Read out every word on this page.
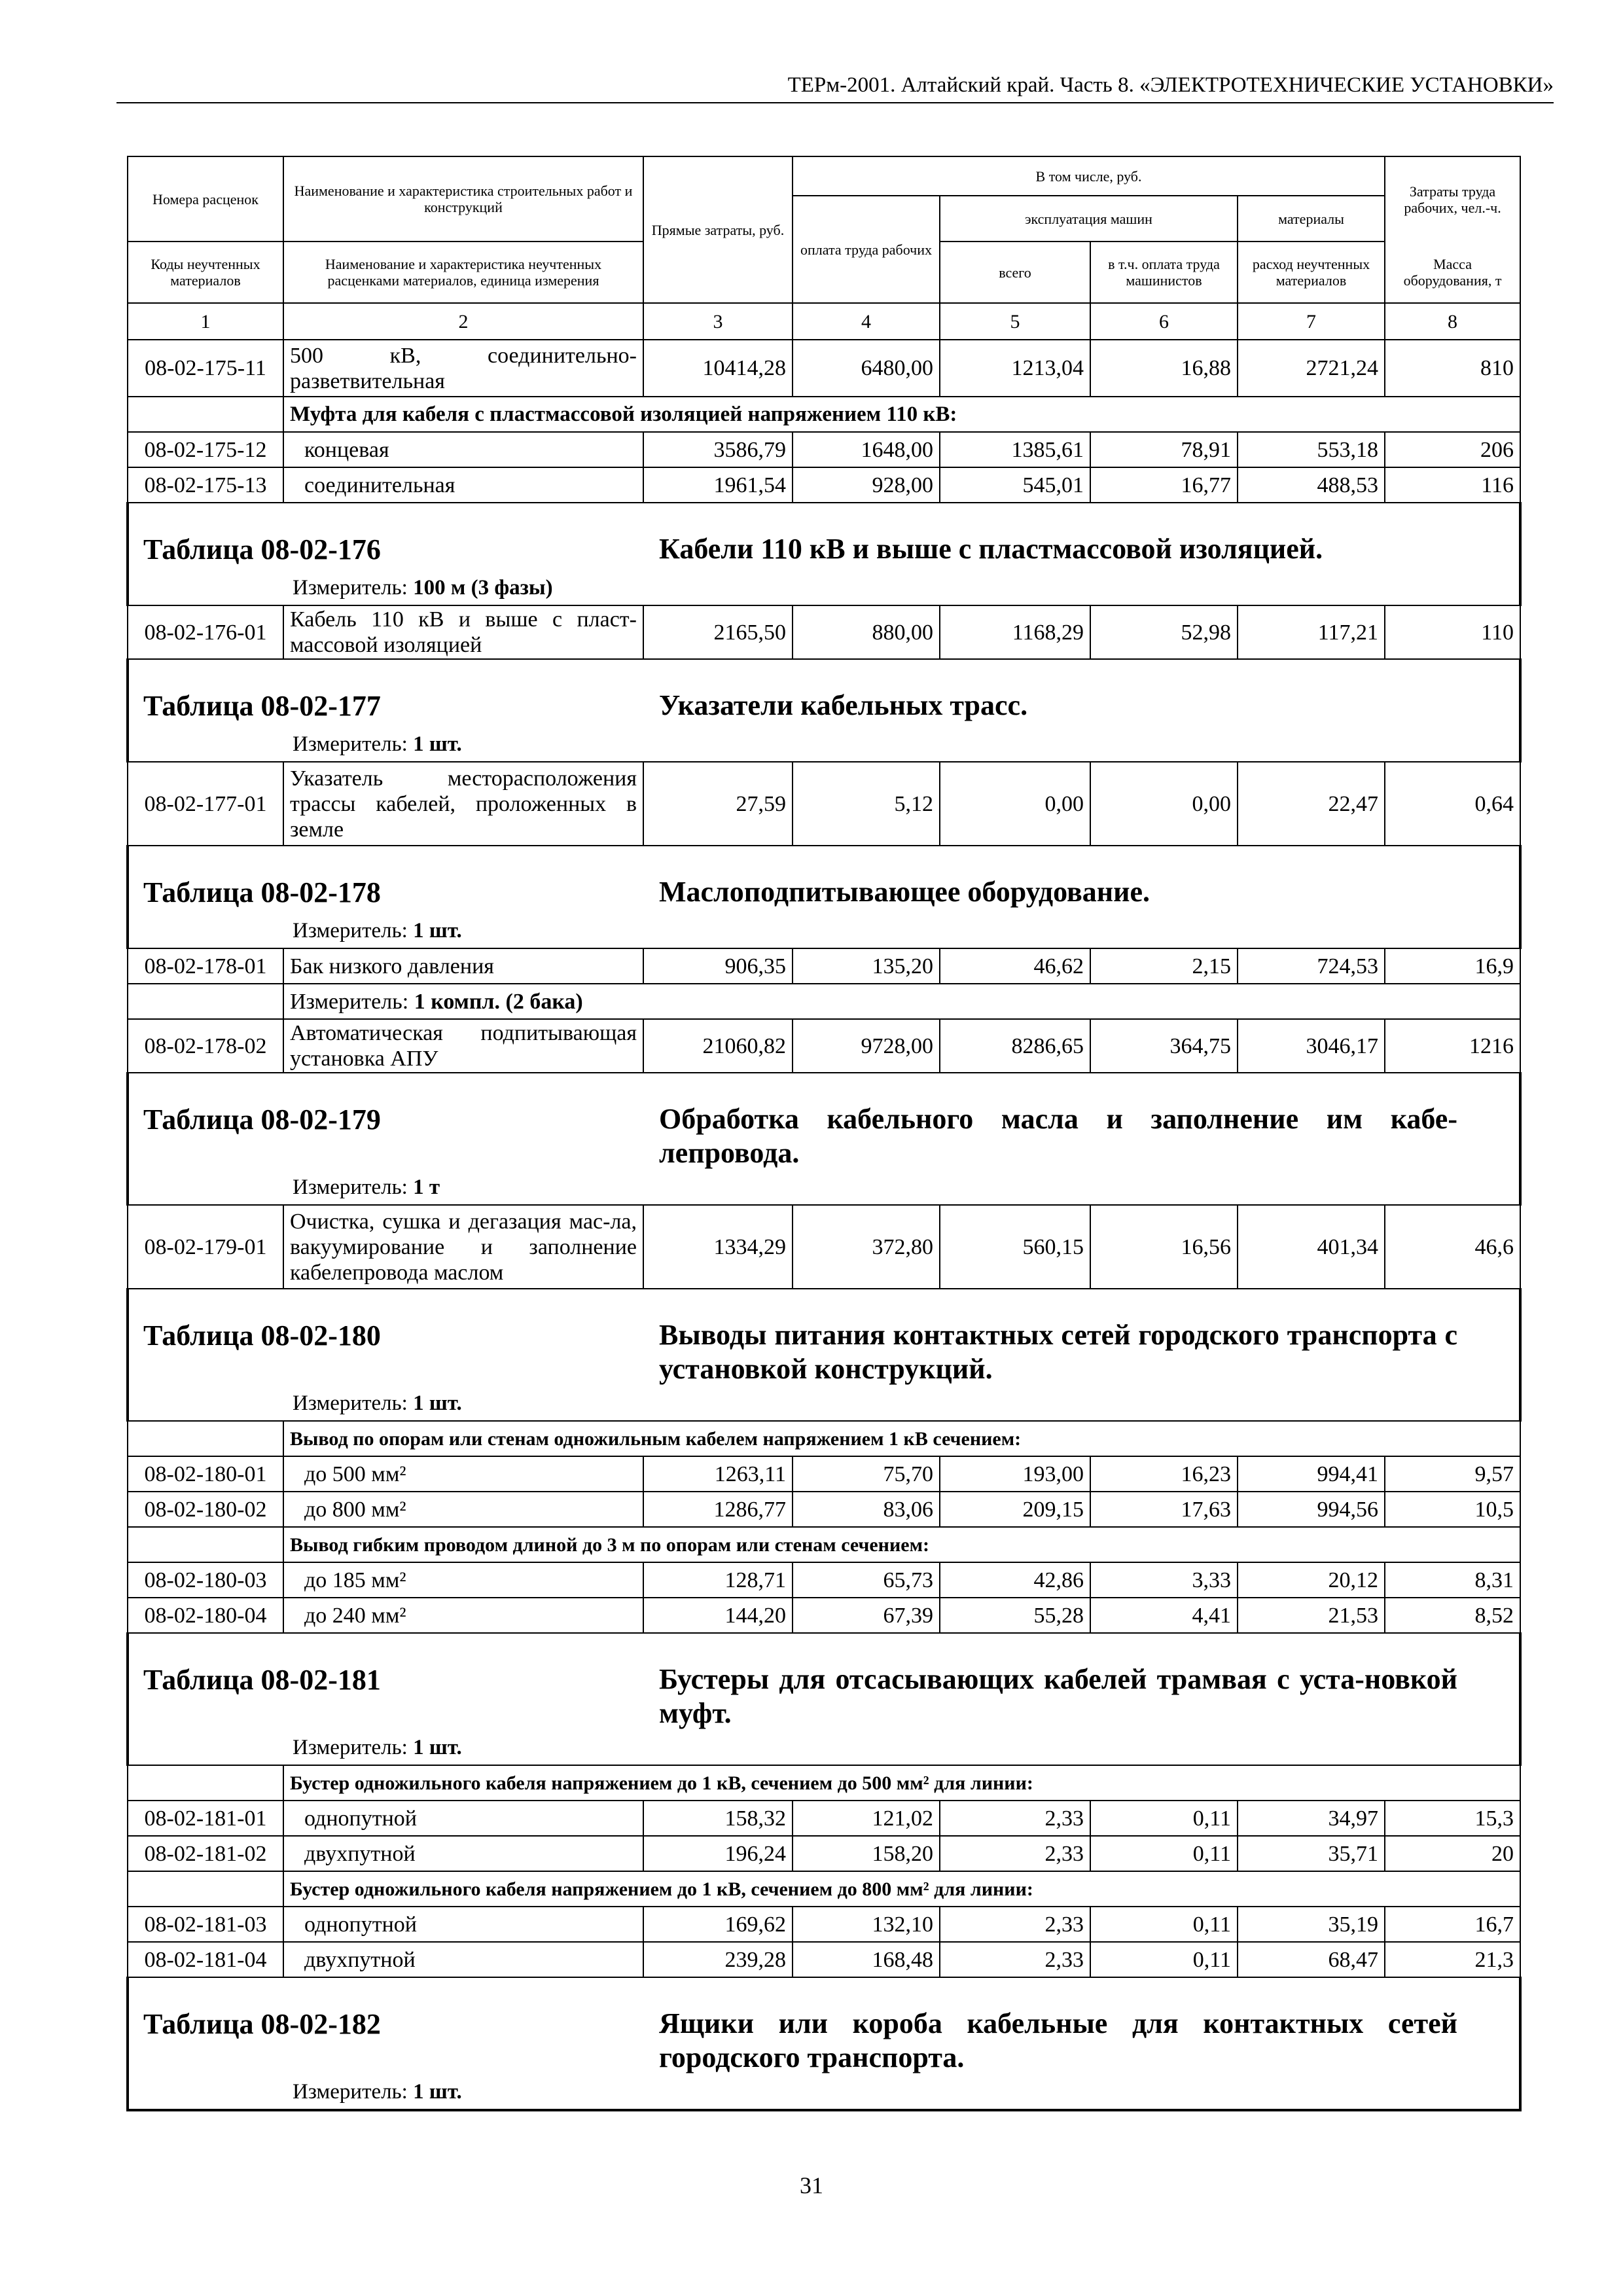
ТЕРм-2001. Алтайский край. Часть 8. «ЭЛЕКТРОТЕХНИЧЕСКИЕ УСТАНОВКИ»
Номера расценок	Наименование и характеристика строительных работ и конструкций	Прямые затраты, руб.	В том числе, руб.				Затраты труда рабочих, чел.-ч.
			оплата труда рабочих	эксплуатация машин		материалы	
Коды неучтенных материалов	Наименование и характеристика неучтенных расценками материалов, единица измерения			всего	в т.ч. оплата труда машинистов	расход неучтенных материалов	Масса оборудования, т
1	2	3	4	5	6	7	8
08-02-175-11	500 кВ, соединительно-разветвительная	10414,28	6480,00	1213,04	16,88	2721,24	810
	Муфта для кабеля с пластмассовой изоляцией напряжением 110 кВ:						
08-02-175-12	концевая	3586,79	1648,00	1385,61	78,91	553,18	206
08-02-175-13	соединительная	1961,54	928,00	545,01	16,77	488,53	116

Таблица 08-02-176 Кабели 110 кВ и выше с пластмассовой изоляцией.
Измеритель: 100 м (3 фазы)							

08-02-176-01	Кабель 110 кВ и выше с пласт-массовой изоляцией	2165,50	880,00	1168,29	52,98	117,21	110

Таблица 08-02-177 Указатели кабельных трасс.
Измеритель: 1 шт.							

08-02-177-01	Указатель месторасположения трассы кабелей, проложенных в земле	27,59	5,12	0,00	0,00	22,47	0,64

Таблица 08-02-178 Маслоподпитывающее оборудование.
Измеритель: 1 шт.							

08-02-178-01	Бак низкого давления	906,35	135,20	46,62	2,15	724,53	16,9
	Измеритель: 1 компл. (2 бака)						
08-02-178-02	Автоматическая подпитывающая установка АПУ	21060,82	9728,00	8286,65	364,75	3046,17	1216

Таблица 08-02-179 Обработка кабельного масла и заполнение им кабе-лепровода.
Измеритель: 1 т							

08-02-179-01	Очистка, сушка и дегазация мас-ла, вакуумирование и заполнение кабелепровода маслом	1334,29	372,80	560,15	16,56	401,34	46,6

Таблица 08-02-180 Выводы питания контактных сетей городского транспорта с установкой конструкций.
Измеритель: 1 шт.							

	Вывод по опорам или стенам одножильным кабелем напряжением 1 кВ сечением:						
08-02-180-01	до 500 мм²	1263,11	75,70	193,00	16,23	994,41	9,57
08-02-180-02	до 800 мм²	1286,77	83,06	209,15	17,63	994,56	10,5
	Вывод гибким проводом длиной до 3 м по опорам или стенам сечением:						
08-02-180-03	до 185 мм²	128,71	65,73	42,86	3,33	20,12	8,31
08-02-180-04	до 240 мм²	144,20	67,39	55,28	4,41	21,53	8,52

Таблица 08-02-181 Бустеры для отсасывающих кабелей трамвая с уста-новкой муфт.
Измеритель: 1 шт.							

	Бустер одножильного кабеля напряжением до 1 кВ, сечением до 500 мм² для линии:						
08-02-181-01	однопутной	158,32	121,02	2,33	0,11	34,97	15,3
08-02-181-02	двухпутной	196,24	158,20	2,33	0,11	35,71	20
	Бустер одножильного кабеля напряжением до 1 кВ, сечением до 800 мм² для линии:						
08-02-181-03	однопутной	169,62	132,10	2,33	0,11	35,19	16,7
08-02-181-04	двухпутной	239,28	168,48	2,33	0,11	68,47	21,3

Таблица 08-02-182 Ящики или короба кабельные для контактных сетей городского транспорта.
Измеритель: 1 шт.							
31
